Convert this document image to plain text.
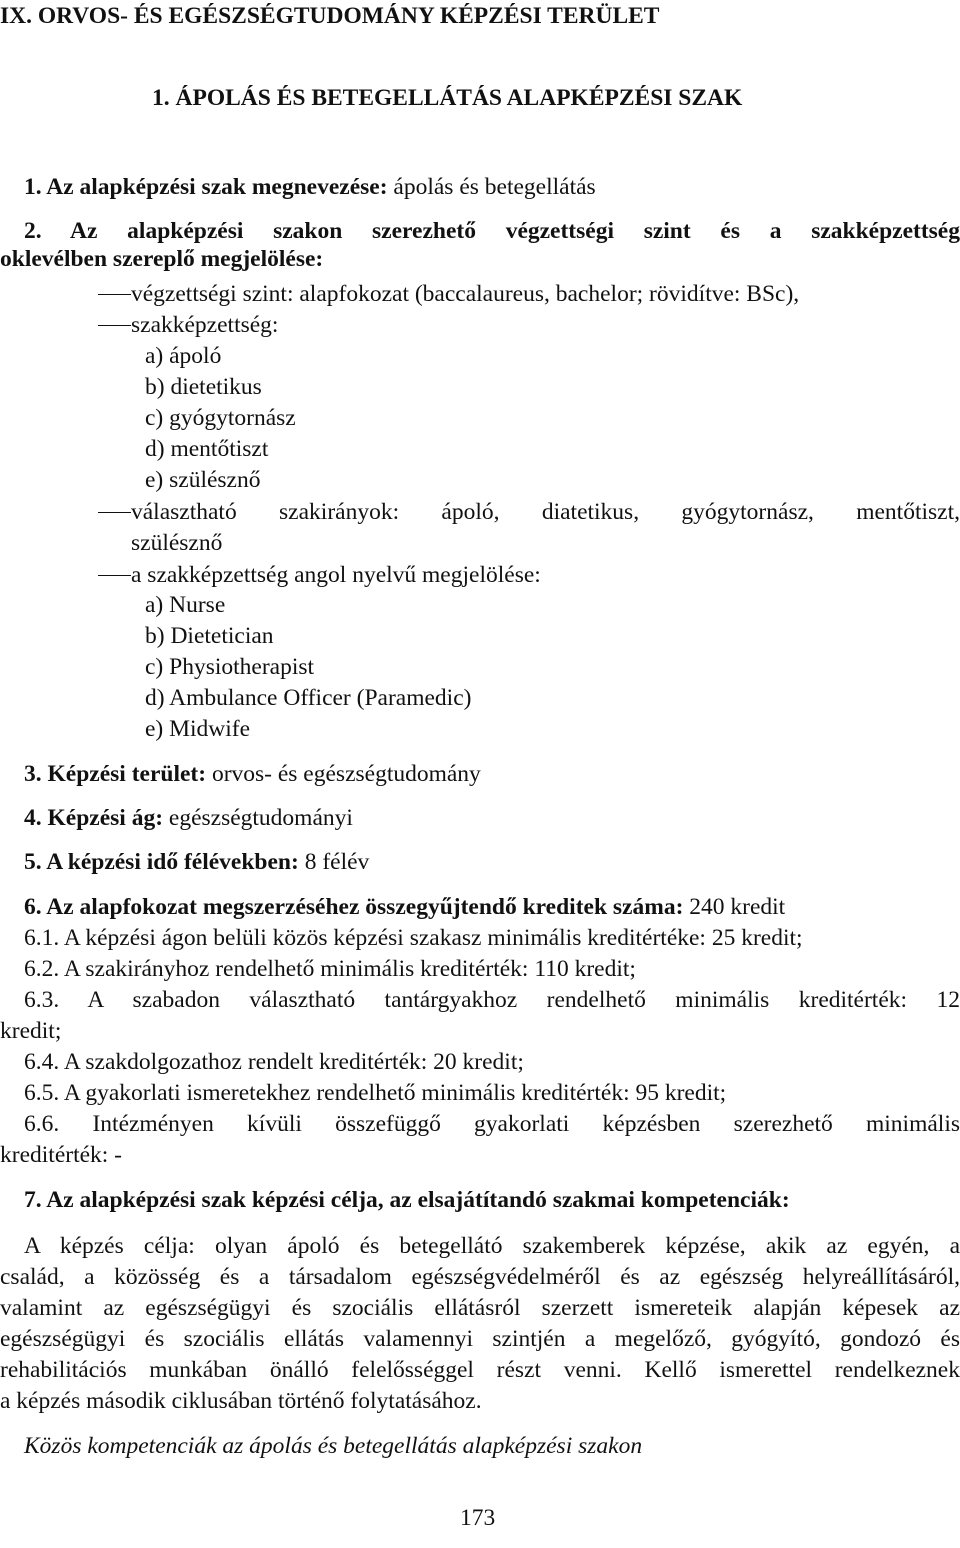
IX. ORVOS- ÉS EGÉSZSÉGTUDOMÁNY KÉPZÉSI TERÜLET
1. ÁPOLÁS ÉS BETEGELLÁTÁS ALAPKÉPZÉSI SZAK
1. Az alapképzési szak megnevezése: ápolás és betegellátás
2. Az alapképzési szakon szerezhető végzettségi szint és a szakképzettség
oklevélben szereplő megjelölése:
végzettségi szint: alapfokozat (baccalaureus, bachelor; rövidítve: BSc),
szakképzettség:
a) ápoló
b) dietetikus
c) gyógytornász
d) mentőtiszt
e) szülésznő
választható szakirányok: ápoló, diatetikus, gyógytornász, mentőtiszt,
szülésznő
a szakképzettség angol nyelvű megjelölése:
a) Nurse
b) Dietetician
c) Physiotherapist
d) Ambulance Officer (Paramedic)
e) Midwife
3. Képzési terület: orvos- és egészségtudomány
4. Képzési ág: egészségtudományi
5. A képzési idő félévekben: 8 félév
6. Az alapfokozat megszerzéséhez összegyűjtendő kreditek száma: 240 kredit
6.1. A képzési ágon belüli közös képzési szakasz minimális kreditértéke: 25 kredit;
6.2. A szakirányhoz rendelhető minimális kreditérték: 110 kredit;
6.3. A szabadon választható tantárgyakhoz rendelhető minimális kreditérték: 12
kredit;
6.4. A szakdolgozathoz rendelt kreditérték: 20 kredit;
6.5. A gyakorlati ismeretekhez rendelhető minimális kreditérték: 95 kredit;
6.6. Intézményen kívüli összefüggő gyakorlati képzésben szerezhető minimális
kreditérték: -
7. Az alapképzési szak képzési célja, az elsajátítandó szakmai kompetenciák:
A képzés célja: olyan ápoló és betegellátó szakemberek képzése, akik az egyén, a
család, a közösség és a társadalom egészségvédelméről és az egészség helyreállításáról,
valamint az egészségügyi és szociális ellátásról szerzett ismereteik alapján képesek az
egészségügyi és szociális ellátás valamennyi szintjén a megelőző, gyógyító, gondozó és
rehabilitációs munkában önálló felelősséggel részt venni. Kellő ismerettel rendelkeznek
a képzés második ciklusában történő folytatásához.
Közös kompetenciák az ápolás és betegellátás alapképzési szakon
173
